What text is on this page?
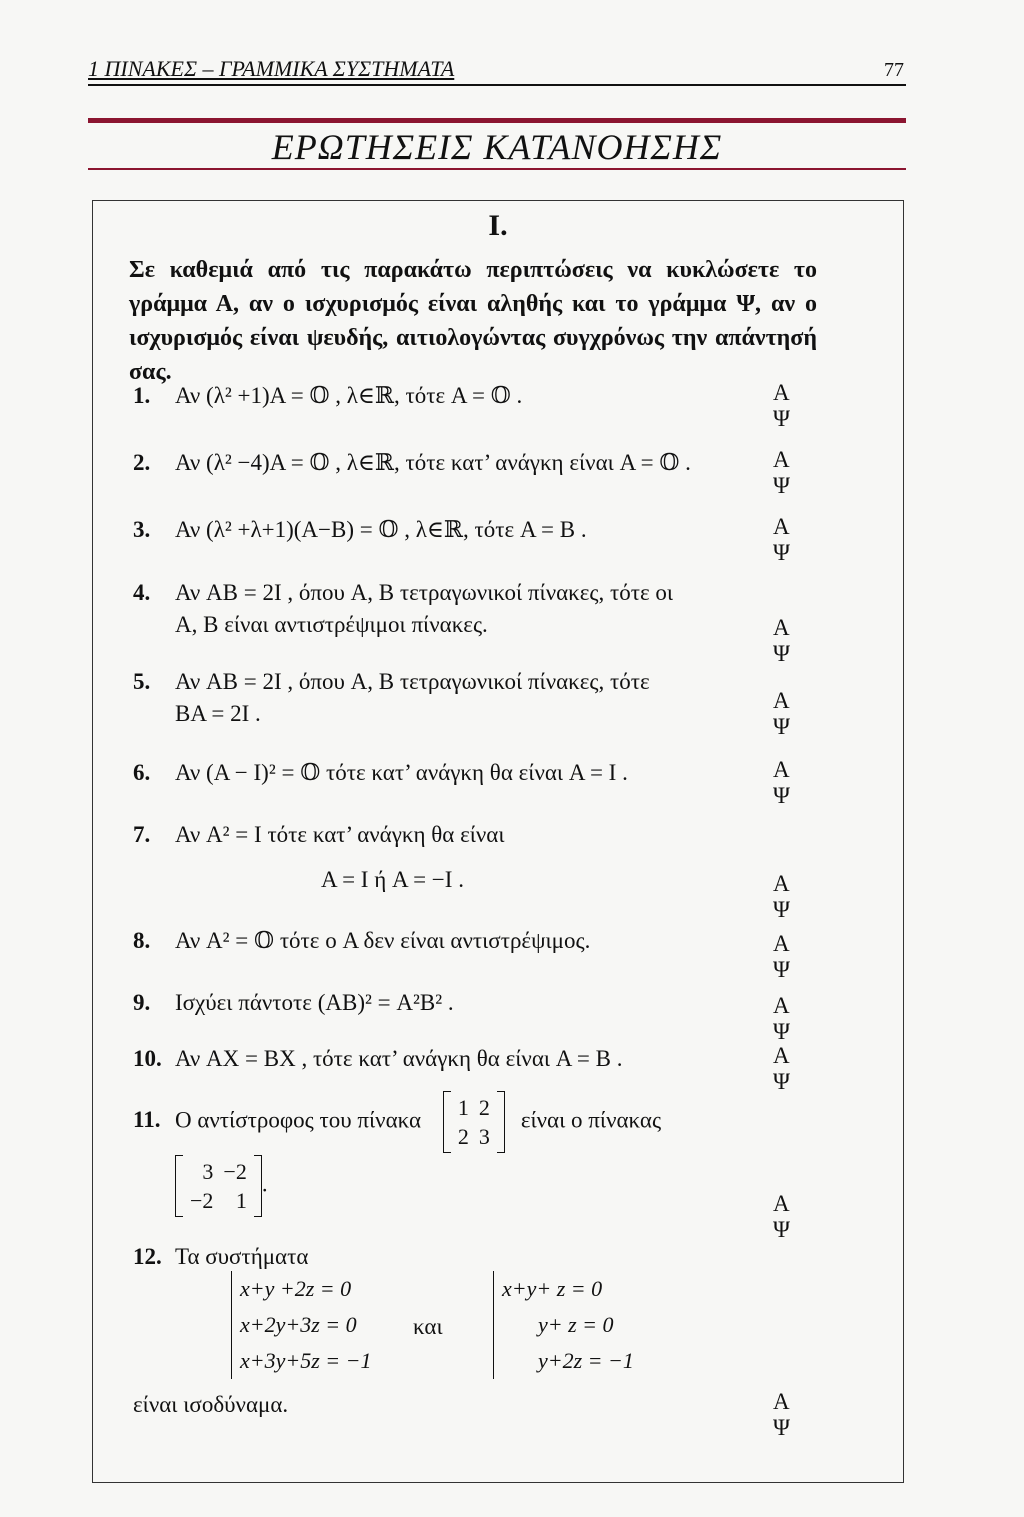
1 ΠΙΝΑΚΕΣ – ΓΡΑΜΜΙΚΑ ΣΥΣΤΗΜΑΤΑ	77
ΕΡΩΤΗΣΕΙΣ ΚΑΤΑΝΟΗΣΗΣ
I.
Σε καθεμιά από τις παρακάτω περιπτώσεις να κυκλώσετε το γράμμα Α, αν ο ισχυρισμός είναι αληθής και το γράμμα Ψ, αν ο ισχυρισμός είναι ψευδής, αιτιολογώντας συγχρόνως την απάντησή σας.
1. Αν (λ² +1)A = 𝕆 , λ∈ℝ, τότε A = 𝕆 .	ΑΨ
2. Αν (λ² −4)A = 𝕆 , λ∈ℝ, τότε κατ’ ανάγκη είναι A = 𝕆 .	ΑΨ
3. Αν (λ² +λ+1)(A−B) = 𝕆 , λ∈ℝ, τότε A = B .	ΑΨ
4. Αν AB = 2I , όπου A, B τετραγωνικοί πίνακες, τότε οι
A, B είναι αντιστρέψιμοι πίνακες.	ΑΨ
5. Αν AB = 2I , όπου A, B τετραγωνικοί πίνακες, τότε
BA = 2I .
ΑΨ
6. Αν (A − I)² = 𝕆 τότε κατ’ ανάγκη θα είναι A = I .	ΑΨ
7. Αν A² = I τότε κατ’ ανάγκη θα είναι
A = I ή A = −I .	ΑΨ
8. Αν A² = 𝕆 τότε ο A δεν είναι αντιστρέψιμος.	ΑΨ
9. Ισχύει πάντοτε (AB)² = A²B² .	ΑΨ
10. Αν AX = BX , τότε κατ’ ανάγκη θα είναι A = B .	ΑΨ
11. Ο αντίστροφος του πίνακα 1	2
2	3
είναι ο πίνακας
3	−2
−2	1
.
ΑΨ
12. Τα συστήματα
x+y +2z = 0
x+2y+3z = 0
x+3y+5z = −1
και
x+y+ z = 0
y+ z = 0
y+2z = −1
είναι ισοδύναμα.	ΑΨ
